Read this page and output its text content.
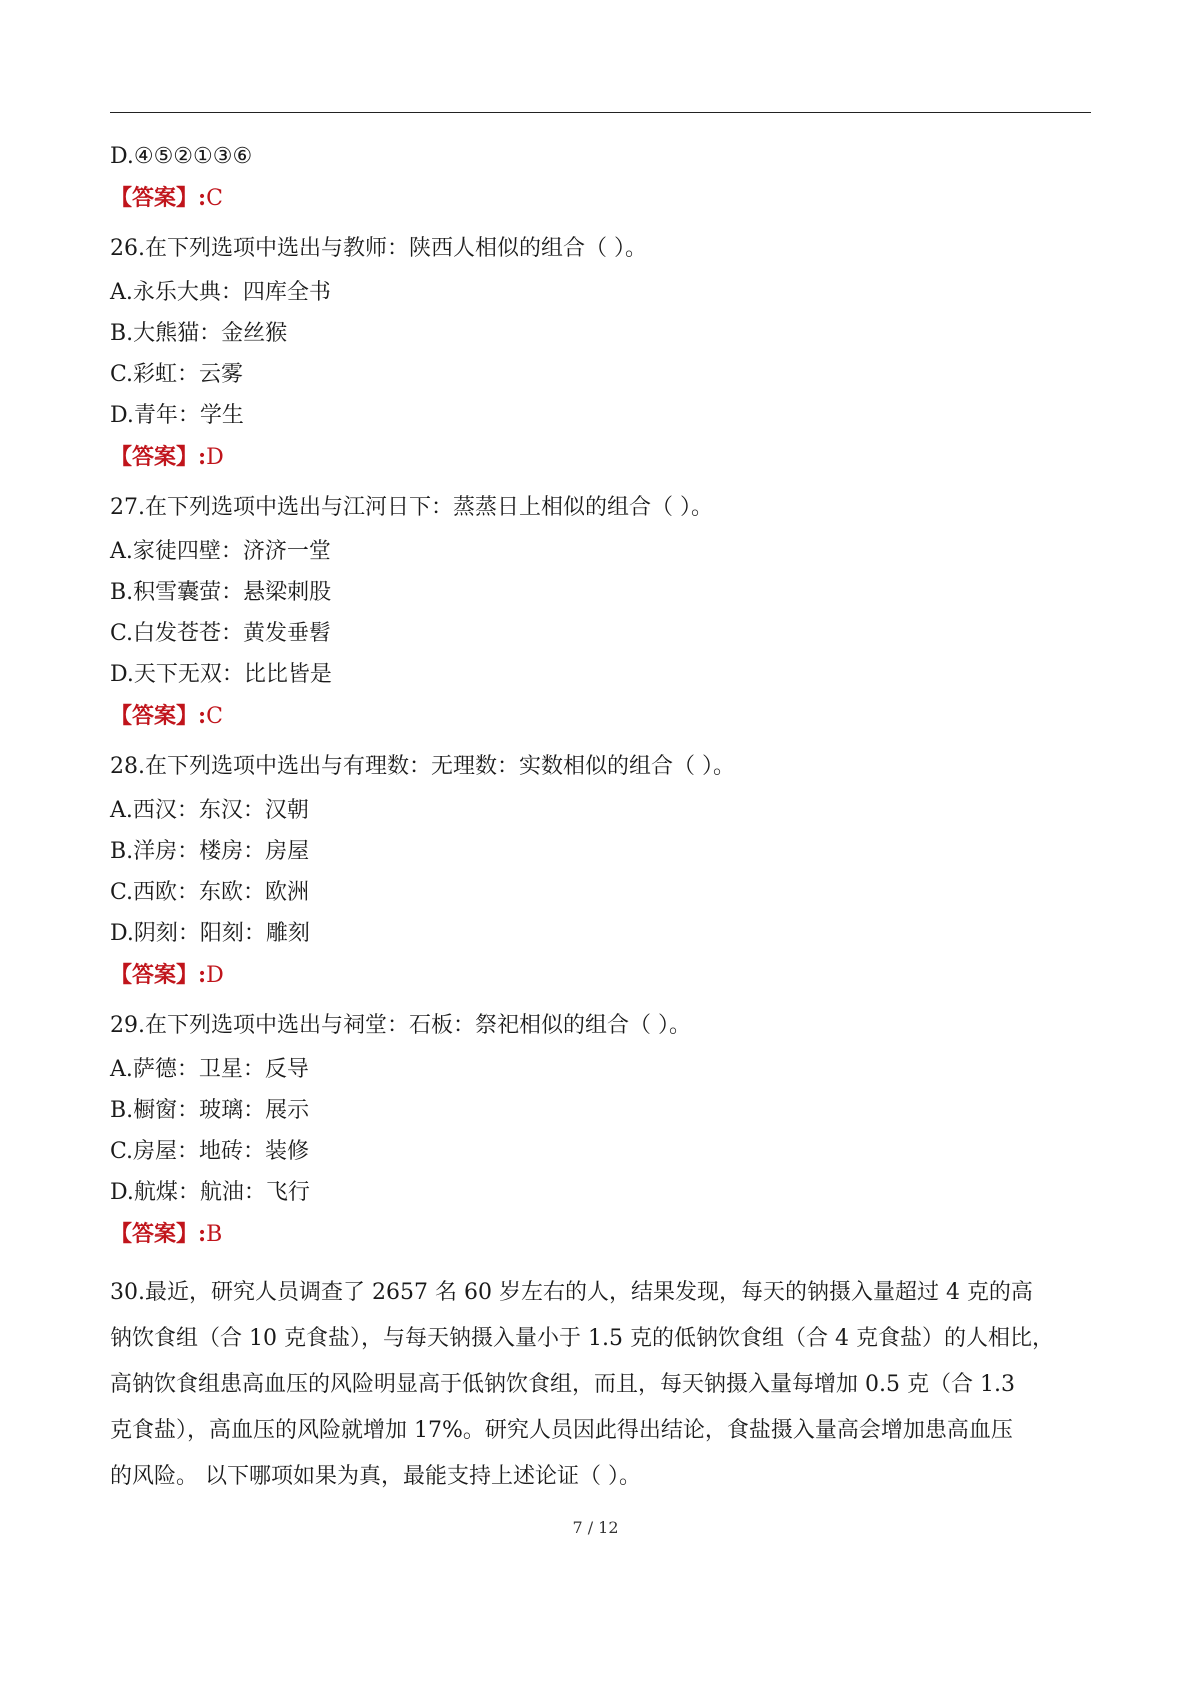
D.④⑤②①③⑥
【答案】:C
26.在下列选项中选出与教师：陕西人相似的组合（ ）。
A.永乐大典：四库全书
B.大熊猫：金丝猴
C.彩虹：云雾
D.青年：学生
【答案】:D
27.在下列选项中选出与江河日下：蒸蒸日上相似的组合（ ）。
A.家徒四壁：济济一堂
B.积雪囊萤：悬梁刺股
C.白发苍苍：黄发垂髫
D.天下无双：比比皆是
【答案】:C
28.在下列选项中选出与有理数：无理数：实数相似的组合（ ）。
A.西汉：东汉：汉朝
B.洋房：楼房：房屋
C.西欧：东欧：欧洲
D.阴刻：阳刻：雕刻
【答案】:D
29.在下列选项中选出与祠堂：石板：祭祀相似的组合（ ）。
A.萨德：卫星：反导
B.橱窗：玻璃：展示
C.房屋：地砖：装修
D.航煤：航油：飞行
【答案】:B
30.最近，研究人员调查了 2657 名 60 岁左右的人，结果发现，每天的钠摄入量超过 4 克的高
钠饮食组（合 10 克食盐），与每天钠摄入量小于 1.5 克的低钠饮食组（合 4 克食盐）的人相比，
高钠饮食组患高血压的风险明显高于低钠饮食组，而且，每天钠摄入量每增加 0.5 克（合 1.3
克食盐），高血压的风险就增加 17%。研究人员因此得出结论，食盐摄入量高会增加患高血压
的风险。 以下哪项如果为真，最能支持上述论证（ ）。
7 / 12
